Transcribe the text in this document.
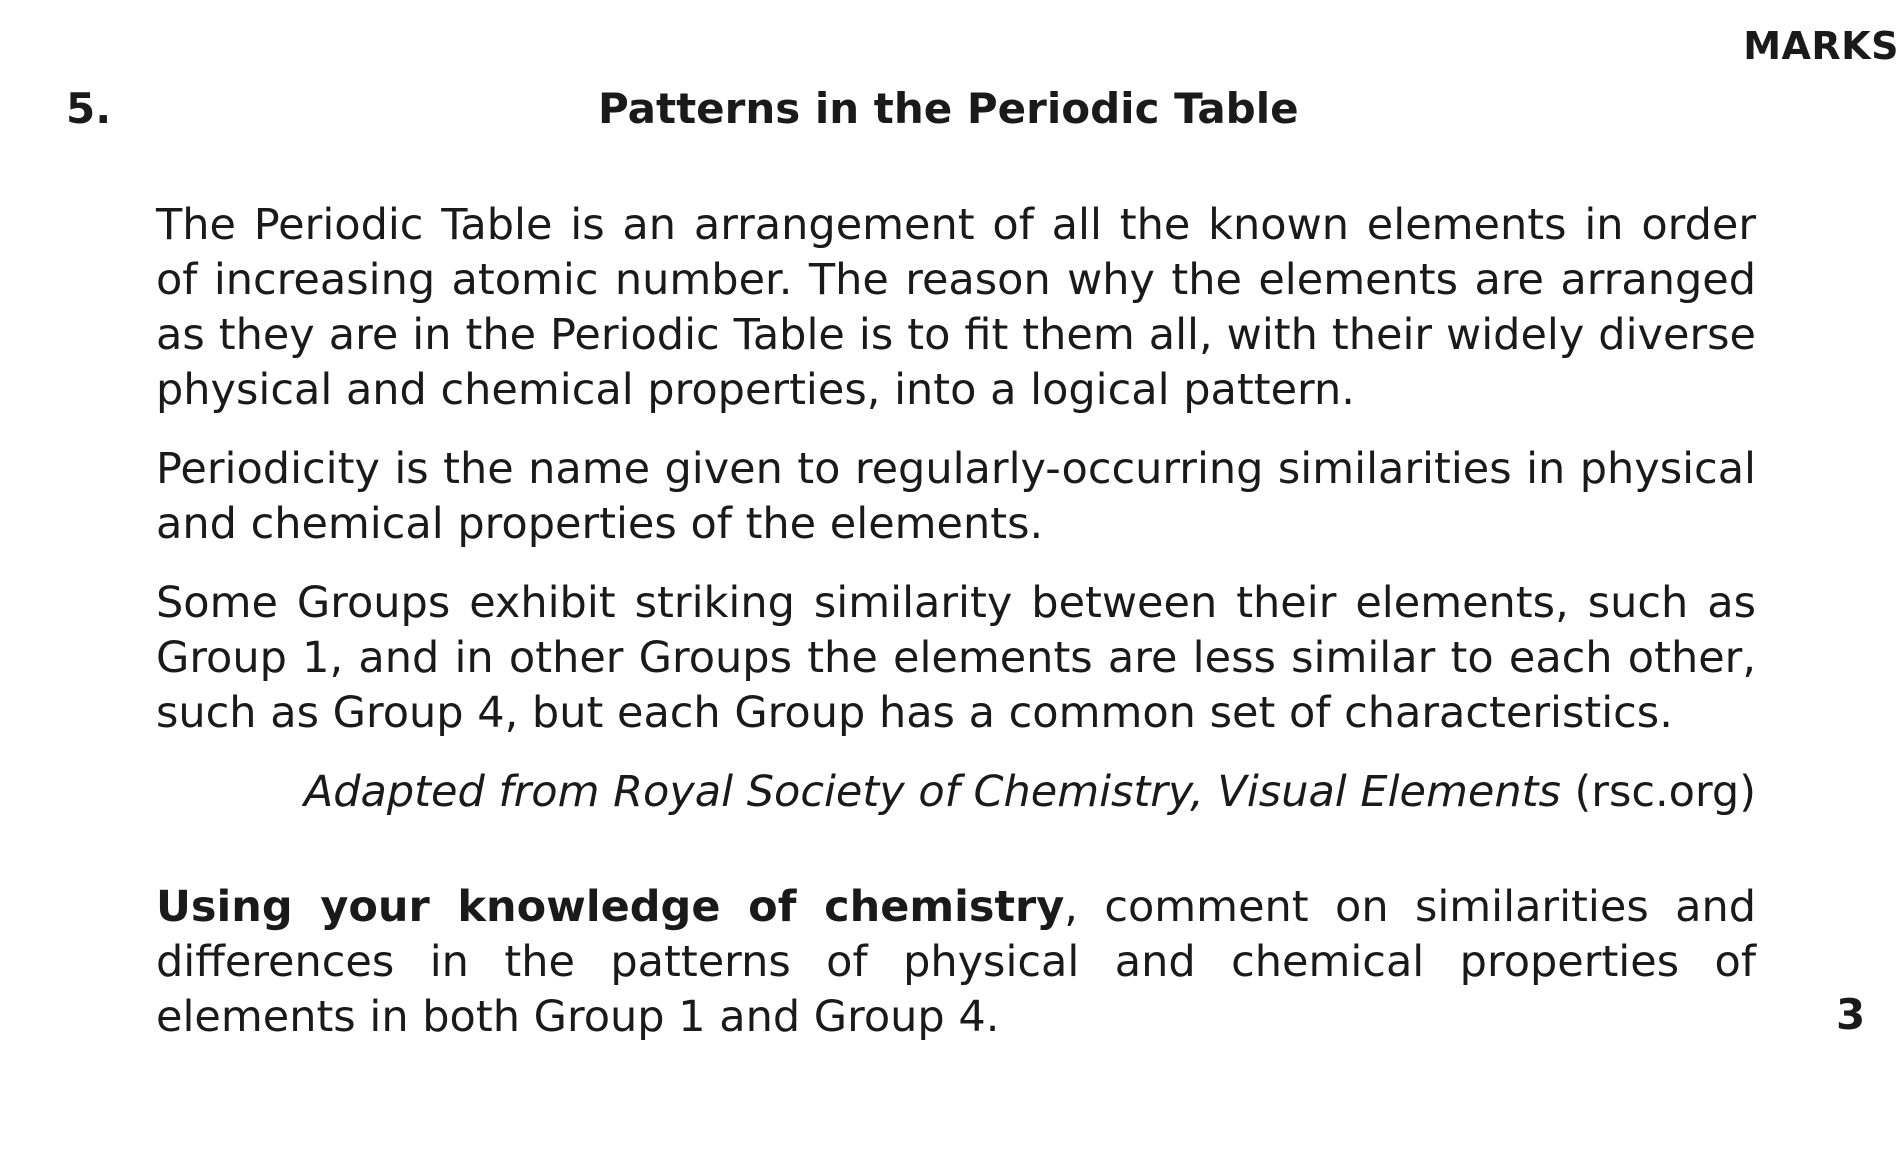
MARKS
5.	Patterns in the Periodic Table
The Periodic Table is an arrangement of all the known elements in order of increasing atomic number. The reason why the elements are arranged as they are in the Periodic Table is to fit them all, with their widely diverse physical and chemical properties, into a logical pattern.
Periodicity is the name given to regularly-occurring similarities in physical and chemical properties of the elements.
Some Groups exhibit striking similarity between their elements, such as Group 1, and in other Groups the elements are less similar to each other, such as Group 4, but each Group has a common set of characteristics.
Adapted from Royal Society of Chemistry, Visual Elements (rsc.org)
Using your knowledge of chemistry, comment on similarities and differences in the patterns of physical and chemical properties of elements in both Group 1 and Group 4.	3
